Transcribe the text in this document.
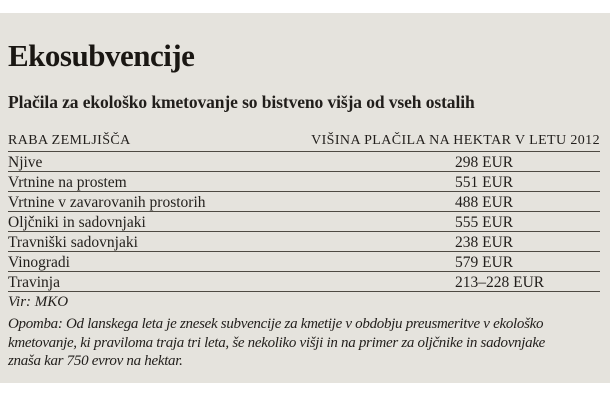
Ekosubvencije
Plačila za ekološko kmetovanje so bistveno višja od vseh ostalih
RABA ZEMLJIŠČA	VIŠINA PLAČILA NA HEKTAR V LETU 2012
Njive	298 EUR
Vrtnine na prostem	551 EUR
Vrtnine v zavarovanih prostorih	488 EUR
Oljčniki in sadovnjaki	555 EUR
Travniški sadovnjaki	238 EUR
Vinogradi	579 EUR
Travinja	213–228 EUR
Vir: MKO
Opomba: Od lanskega leta je znesek subvencije za kmetije v obdobju preusmeritve v ekološko
kmetovanje, ki praviloma traja tri leta, še nekoliko višji in na primer za oljčnike in sadovnjake
znaša kar 750 evrov na hektar.
